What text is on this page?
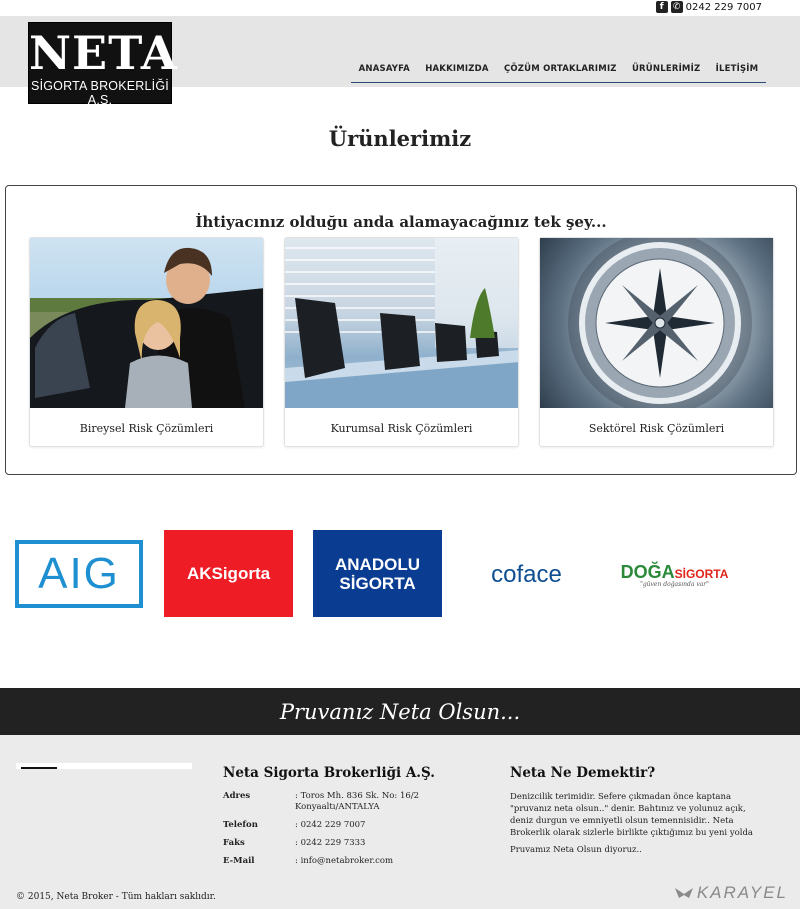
f	✆ 0242 229 7007
NETA
SİGORTA BROKERLİĞİ A.Ş.
ANASAYFA HAKKIMIZDA ÇÖZÜM ORTAKLARIMIZ ÜRÜNLERİMİZ İLETİŞİM
Ürünlerimiz
İhtiyacınız olduğu anda alamayacağınız tek şey...
Bireysel Risk Çözümleri	Kurumsal Risk Çözümleri	Sektörel Risk Çözümleri
AIG	AKSigorta	ANADOLU
SİGORTA	coface	DOĞASİGORTA
"güven doğasında var"
Pruvanız Neta Olsun...
Neta Sigorta Brokerliği A.Ş.
Adres	: Toros Mh. 836 Sk. No: 16/2 Konyaaltı/ANTALYA
Telefon	: 0242 229 7007
Faks	: 0242 229 7333
E-Mail	: info@netabroker.com
Neta Ne Demektir?

Denizcilik terimidir. Sefere çıkmadan önce kaptana "pruvanız neta olsun.." denir. Bahtınız ve yolunuz açık, deniz durgun ve emniyetli olsun temennisidir.. Neta Brokerlik olarak sizlerle birlikte çıktığımız bu yeni yolda

Pruvamız Neta Olsun diyoruz..

© 2015, Neta Broker - Tüm hakları saklıdır.	KARAYEL
